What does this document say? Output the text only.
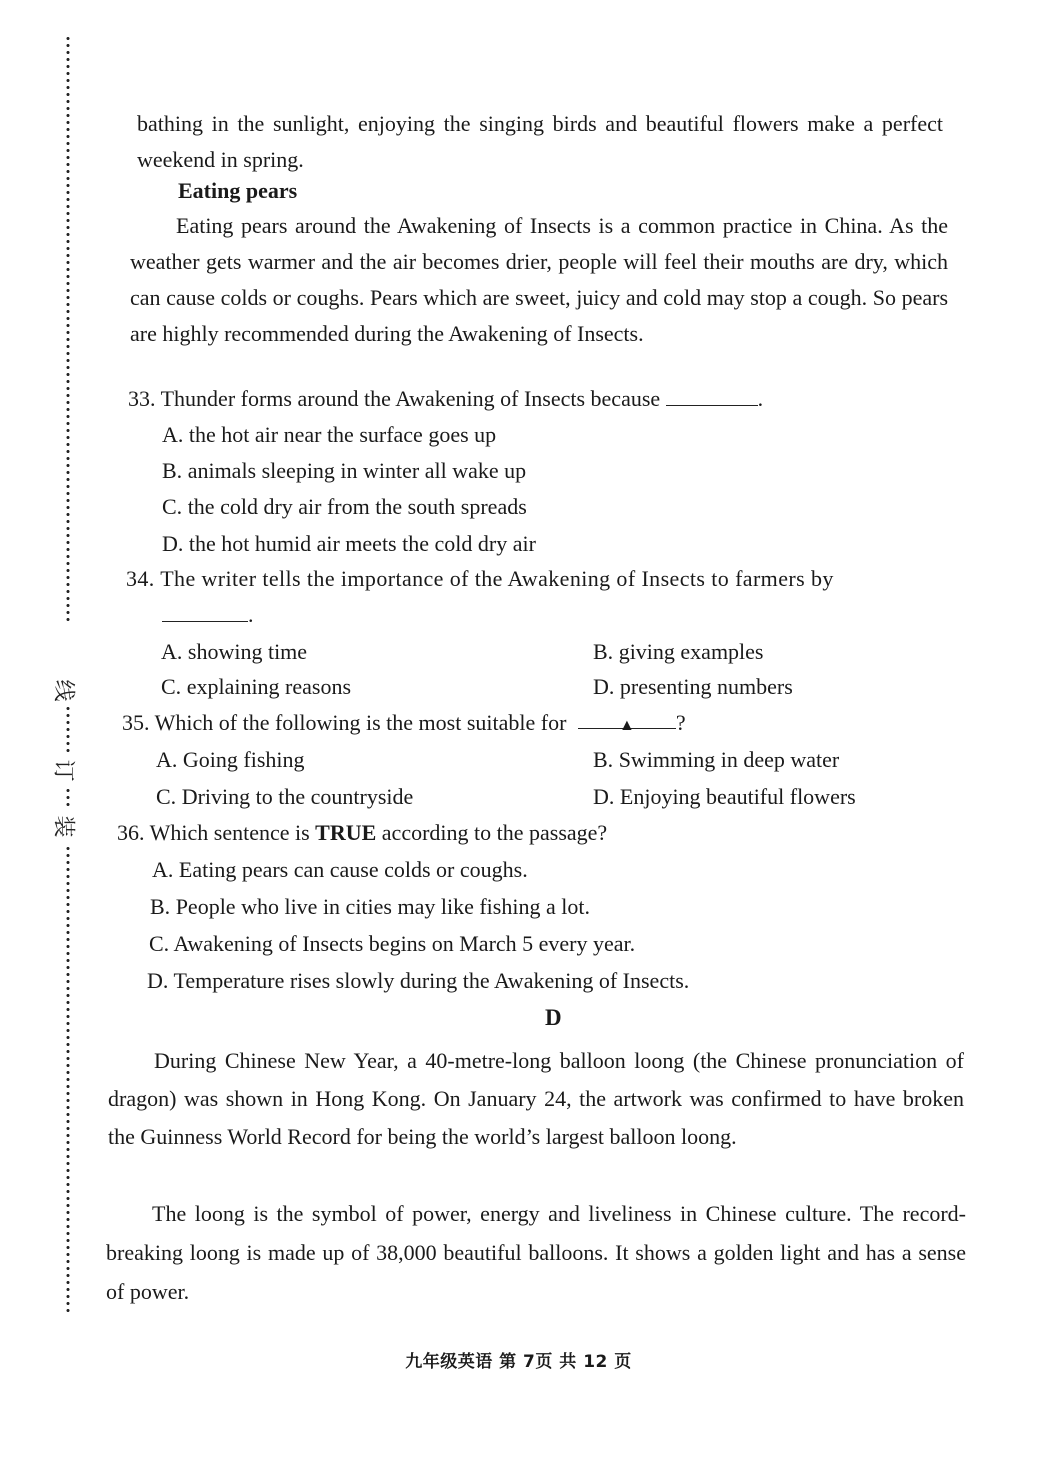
线
订
装
bathing in the sunlight, enjoying the singing birds and beautiful flowers make a perfect weekend in spring.
Eating pears
Eating pears around the Awakening of Insects is a common practice in China. As the weather gets warmer and the air becomes drier, people will feel their mouths are dry, which can cause colds or coughs. Pears which are sweet, juicy and cold may stop a cough. So pears are highly recommended during the Awakening of Insects.
33. Thunder forms around the Awakening of Insects because	.
A. the hot air near the surface goes up
B. animals sleeping in winter all wake up
C. the cold dry air from the south spreads
D. the hot humid air meets the cold dry air
34. The writer tells the importance of the Awakening of Insects to farmers by
.
A. showing time	B. giving examples
C. explaining reasons	D. presenting numbers
35. Which of the following is the most suitable for	▲ ?
A. Going fishing	B. Swimming in deep water
C. Driving to the countryside	D. Enjoying beautiful flowers
36. Which sentence is TRUE according to the passage?
A. Eating pears can cause colds or coughs.
B. People who live in cities may like fishing a lot.
C. Awakening of Insects begins on March 5 every year.
D. Temperature rises slowly during the Awakening of Insects.
D
During Chinese New Year, a 40-metre-long balloon loong (the Chinese pronunciation of dragon) was shown in Hong Kong. On January 24, the artwork was confirmed to have broken the Guinness World Record for being the world’s largest balloon loong.
The loong is the symbol of power, energy and liveliness in Chinese culture. The record-breaking loong is made up of 38,000 beautiful balloons. It shows a golden light and has a sense of power.
九年级英语 第 7页 共 12 页
